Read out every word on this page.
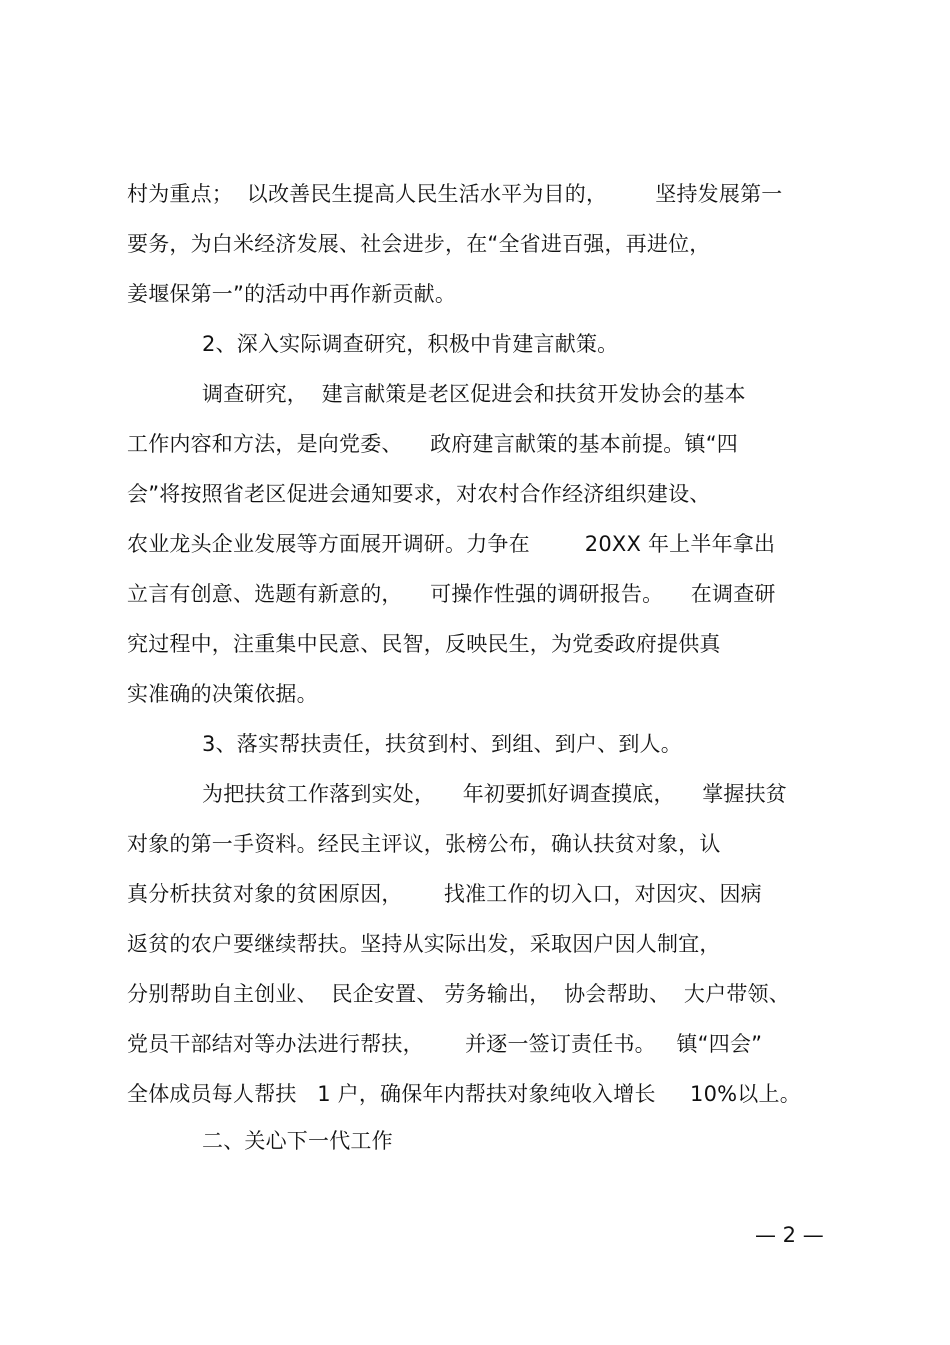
村为重点；  以改善民生提高人民生活水平为目的，       坚持发展第一
要务，为白米经济发展、社会进步，在“全省进百强，再进位，
姜堰保第一”的活动中再作新贡献。
2、深入实际调查研究，积极中肯建言献策。
调查研究，  建言献策是老区促进会和扶贫开发协会的基本
工作内容和方法，是向党委、    政府建言献策的基本前提。镇“四
会”将按照省老区促进会通知要求，对农村合作经济组织建设、
农业龙头企业发展等方面展开调研。力争在        20XX 年上半年拿出
立言有创意、选题有新意的，    可操作性强的调研报告。    在调查研
究过程中，注重集中民意、民智，反映民生，为党委政府提供真
实准确的决策依据。
3、落实帮扶责任，扶贫到村、到组、到户、到人。
为把扶贫工作落到实处，    年初要抓好调查摸底，    掌握扶贫
对象的第一手资料。经民主评议，张榜公布，确认扶贫对象，认
真分析扶贫对象的贫困原因，      找准工作的切入口，对因灾、因病
返贫的农户要继续帮扶。坚持从实际出发，采取因户因人制宜，
分别帮助自主创业、  民企安置、 劳务输出，  协会帮助、  大户带领、
党员干部结对等办法进行帮扶，      并逐一签订责任书。   镇“四会”
全体成员每人帮扶   1 户，确保年内帮扶对象纯收入增长     10%以上。
二、关心下一代工作
— 2 —
